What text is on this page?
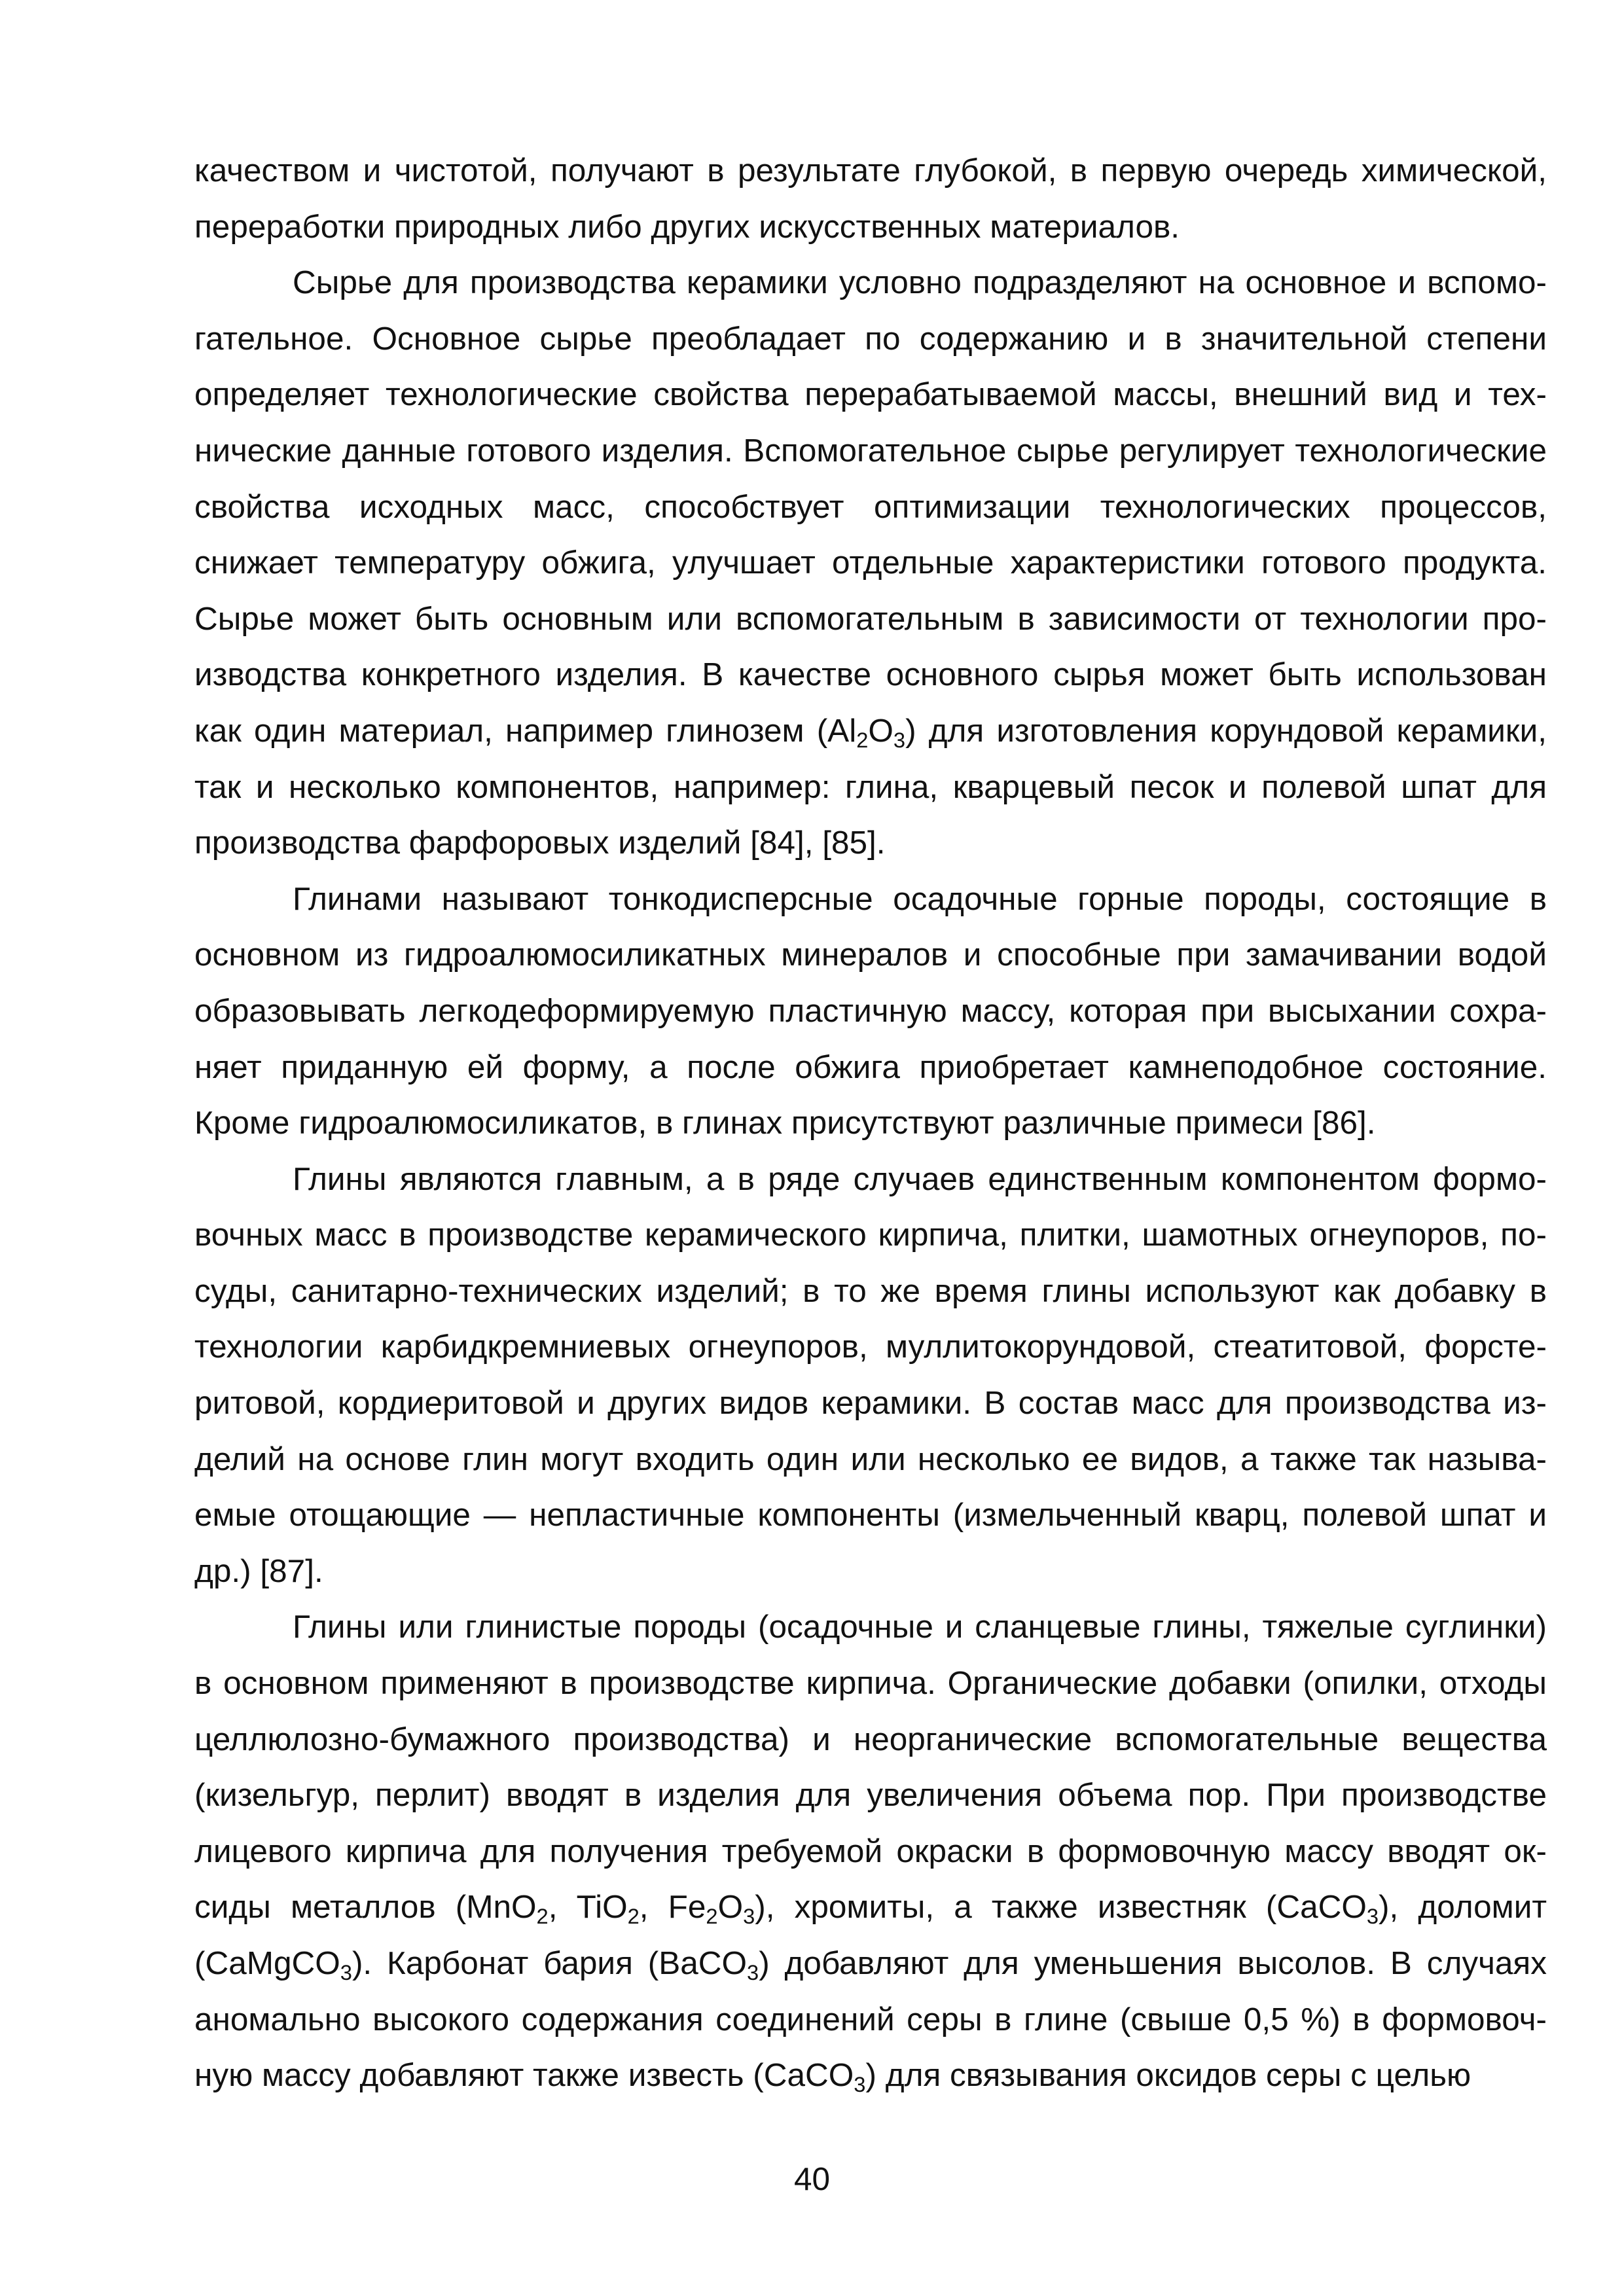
качеством и чистотой, получают в результате глубокой, в первую очередь химической, переработки природных либо других искусственных материалов.

Сырье для производства керамики условно подразделяют на основное и вспомогательное. Основное сырье преобладает по содержанию и в значительной степени определяет технологические свойства перерабатываемой массы, внешний вид и технические данные готового изделия. Вспомогательное сырье регулирует технологические свойства исходных масс, способствует оптимизации технологических процессов, снижает температуру обжига, улучшает отдельные характеристики готового продукта. Сырье может быть основным или вспомогательным в зависимости от технологии производства конкретного изделия. В качестве основного сырья может быть использован как один материал, например глинозем $(Al_2O_3)$ для изготовления корундовой керамики, так и несколько компонентов, например: глина, кварцевый песок и полевой шпат для производства фарфоровых изделий [84], [85].

Глинами называют тонкодисперсные осадочные горные породы, состоящие в основном из гидроалюмосиликатных минералов и способные при замачивании водой образовывать легкодеформируемую пластичную массу, которая при высыхании сохраняет приданную ей форму, а после обжига приобретает камнеподобное состояние. Кроме гидроалюмосиликатов, в глинах присутствуют различные примеси [86].

Глины являются главным, а в ряде случаев единственным компонентом формовочных масс в производстве керамического кирпича, плитки, шамотных огнеупоров, посуды, санитарно-технических изделий; в то же время глины используют как добавку в технологии карбидкремниевых огнеупоров, муллитокорундовой, стеатитовой, форстеритовой, кордиеритовой и других видов керамики. В состав масс для производства изделий на основе глин могут входить один или несколько ее видов, а также так называемые отощающие — непластичные компоненты (измельченный кварц, полевой шпат и др.) [87].

Глины или глинистые породы (осадочные и сланцевые глины, тяжелые суглинки) в основном применяют в производстве кирпича. Органические добавки (опилки, отходы целлюлозно-бумажного производства) и неорганические вспомогательные вещества (кизельгур, перлит) вводят в изделия для увеличения объема пор. При производстве лицевого кирпича для получения требуемой окраски в формовочную массу вводят оксиды металлов (MnO$_2$, TiO$_2$, $Fe_2O_3$), хромиты, а также известняк (CaCO$_3$), доломит (CaMgCO$_3$). Карбонат бария (BaCO$_3$) добавляют для уменьшения высолов. В случаях аномально высокого содержания соединений серы в глине (свыше 0,5 %) в формовочную массу добавляют также известь (CaCO$_3$) для связывания оксидов серы с целью

40
